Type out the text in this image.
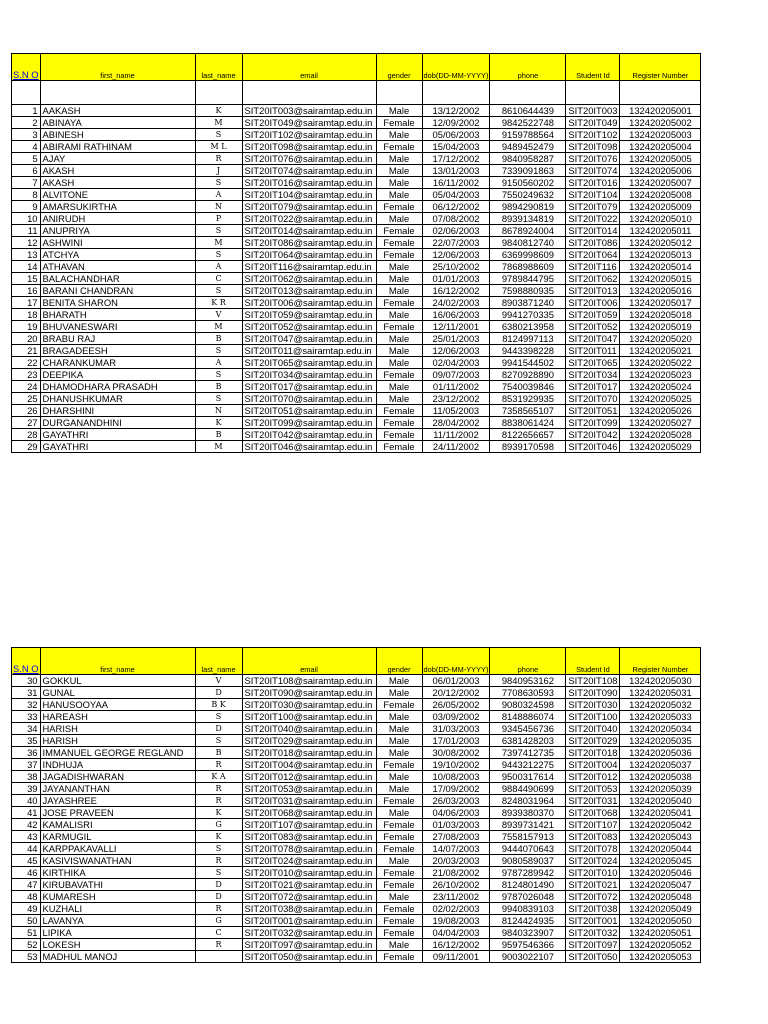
S.N O	first_name	last_name	email	gender	dob(DD-MM-YYYY)	phone	Student Id	Register Number

1	AAKASH	K	SIT20IT003@sairamtap.edu.in	Male	13/12/2002	8610644439	SIT20IT003	132420205001
2	ABINAYA	M	SIT20IT049@sairamtap.edu.in	Female	12/09/2002	9842522748	SIT20IT049	132420205002
3	ABINESH	S	SIT20IT102@sairamtap.edu.in	Male	05/06/2003	9159788564	SIT20IT102	132420205003
4	ABIRAMI RATHINAM	M L	SIT20IT098@sairamtap.edu.in	Female	15/04/2003	9489452479	SIT20IT098	132420205004
5	AJAY	R	SIT20IT076@sairamtap.edu.in	Male	17/12/2002	9840958287	SIT20IT076	132420205005
6	AKASH	J	SIT20IT074@sairamtap.edu.in	Male	13/01/2003	7339091863	SIT20IT074	132420205006
7	AKASH	S	SIT20IT016@sairamtap.edu.in	Male	16/11/2002	9150560202	SIT20IT016	132420205007
8	ALVITONE	A	SIT20IT104@sairamtap.edu.in	Male	05/04/2003	7550249632	SIT20IT104	132420205008
9	AMARSUKIRTHA	N	SIT20IT079@sairamtap.edu.in	Female	06/12/2002	9894290819	SIT20IT079	132420205009
10	ANIRUDH	P	SIT20IT022@sairamtap.edu.in	Male	07/08/2002	8939134819	SIT20IT022	132420205010
11	ANUPRIYA	S	SIT20IT014@sairamtap.edu.in	Female	02/06/2003	8678924004	SIT20IT014	132420205011
12	ASHWINI	M	SIT20IT086@sairamtap.edu.in	Female	22/07/2003	9840812740	SIT20IT086	132420205012
13	ATCHYA	S	SIT20IT064@sairamtap.edu.in	Female	12/06/2003	6369998609	SIT20IT064	132420205013
14	ATHAVAN	A	SIT20IT116@sairamtap.edu.in	Male	25/10/2002	7868988609	SIT20IT116	132420205014
15	BALACHANDHAR	C	SIT20IT062@sairamtap.edu.in	Male	01/01/2003	9789844795	SIT20IT062	132420205015
16	BARANI CHANDRAN	S	SIT20IT013@sairamtap.edu.in	Male	16/12/2002	7598880935	SIT20IT013	132420205016
17	BENITA SHARON	K R	SIT20IT006@sairamtap.edu.in	Female	24/02/2003	8903871240	SIT20IT006	132420205017
18	BHARATH	V	SIT20IT059@sairamtap.edu.in	Male	16/06/2003	9941270335	SIT20IT059	132420205018
19	BHUVANESWARI	M	SIT20IT052@sairamtap.edu.in	Female	12/11/2001	6380213958	SIT20IT052	132420205019
20	BRABU RAJ	B	SIT20IT047@sairamtap.edu.in	Male	25/01/2003	8124997113	SIT20IT047	132420205020
21	BRAGADEESH	S	SIT20IT011@sairamtap.edu.in	Male	12/06/2003	9443398228	SIT20IT011	132420205021
22	CHARANKUMAR	A	SIT20IT065@sairamtap.edu.in	Male	02/04/2003	9941544502	SIT20IT065	132420205022
23	DEEPIKA	S	SIT20IT034@sairamtap.edu.in	Female	09/07/2003	8270928890	SIT20IT034	132420205023
24	DHAMODHARA PRASADH	B	SIT20IT017@sairamtap.edu.in	Male	01/11/2002	7540039846	SIT20IT017	132420205024
25	DHANUSHKUMAR	S	SIT20IT070@sairamtap.edu.in	Male	23/12/2002	8531929935	SIT20IT070	132420205025
26	DHARSHINI	N	SIT20IT051@sairamtap.edu.in	Female	11/05/2003	7358565107	SIT20IT051	132420205026
27	DURGANANDHINI	K	SIT20IT099@sairamtap.edu.in	Female	28/04/2002	8838061424	SIT20IT099	132420205027
28	GAYATHRI	B	SIT20IT042@sairamtap.edu.in	Female	11/11/2002	8122656657	SIT20IT042	132420205028
29	GAYATHRI	M	SIT20IT046@sairamtap.edu.in	Female	24/11/2002	8939170598	SIT20IT046	132420205029
S.N O	first_name	last_name	email	gender	dob(DD-MM-YYYY)	phone	Student Id	Register Number
30	GOKKUL	V	SIT20IT108@sairamtap.edu.in	Male	06/01/2003	9840953162	SIT20IT108	132420205030
31	GUNAL	D	SIT20IT090@sairamtap.edu.in	Male	20/12/2002	7708630593	SIT20IT090	132420205031
32	HANUSOOYAA	B K	SIT20IT030@sairamtap.edu.in	Female	26/05/2002	9080324598	SIT20IT030	132420205032
33	HAREASH	S	SIT20IT100@sairamtap.edu.in	Male	03/09/2002	8148886074	SIT20IT100	132420205033
34	HARISH	D	SIT20IT040@sairamtap.edu.in	Male	31/03/2003	9345456736	SIT20IT040	132420205034
35	HARISH	S	SIT20IT029@sairamtap.edu.in	Male	17/01/2003	6381428203	SIT20IT029	132420205035
36	IMMANUEL GEORGE REGLAND	B	SIT20IT018@sairamtap.edu.in	Male	30/08/2002	7397412735	SIT20IT018	132420205036
37	INDHUJA	R	SIT20IT004@sairamtap.edu.in	Female	19/10/2002	9443212275	SIT20IT004	132420205037
38	JAGADISHWARAN	K A	SIT20IT012@sairamtap.edu.in	Male	10/08/2003	9500317614	SIT20IT012	132420205038
39	JAYANANTHAN	R	SIT20IT053@sairamtap.edu.in	Male	17/09/2002	9884490699	SIT20IT053	132420205039
40	JAYASHREE	R	SIT20IT031@sairamtap.edu.in	Female	26/03/2003	8248031964	SIT20IT031	132420205040
41	JOSE PRAVEEN	K	SIT20IT068@sairamtap.edu.in	Male	04/06/2003	8939380370	SIT20IT068	132420205041
42	KAMALISRI	G	SIT20IT107@sairamtap.edu.in	Female	01/03/2003	8939731421	SIT20IT107	132420205042
43	KARMUGIL	K	SIT20IT083@sairamtap.edu.in	Female	27/08/2003	7558157913	SIT20IT083	132420205043
44	KARPPAKAVALLI	S	SIT20IT078@sairamtap.edu.in	Female	14/07/2003	9444070643	SIT20IT078	132420205044
45	KASIVISWANATHAN	R	SIT20IT024@sairamtap.edu.in	Male	20/03/2003	9080589037	SIT20IT024	132420205045
46	KIRTHIKA	S	SIT20IT010@sairamtap.edu.in	Female	21/08/2002	9787289942	SIT20IT010	132420205046
47	KIRUBAVATHI	D	SIT20IT021@sairamtap.edu.in	Female	26/10/2002	8124801490	SIT20IT021	132420205047
48	KUMARESH	D	SIT20IT072@sairamtap.edu.in	Male	23/11/2002	9787026048	SIT20IT072	132420205048
49	KUZHALI	R	SIT20IT038@sairamtap.edu.in	Female	02/02/2003	9940839103	SIT20IT038	132420205049
50	LAVANYA	G	SIT20IT001@sairamtap.edu.in	Female	19/08/2003	8124424935	SIT20IT001	132420205050
51	LIPIKA	C	SIT20IT032@sairamtap.edu.in	Female	04/04/2003	9840323907	SIT20IT032	132420205051
52	LOKESH	R	SIT20IT097@sairamtap.edu.in	Male	16/12/2002	9597546366	SIT20IT097	132420205052
53	MADHUL MANOJ		SIT20IT050@sairamtap.edu.in	Female	09/11/2001	9003022107	SIT20IT050	132420205053
